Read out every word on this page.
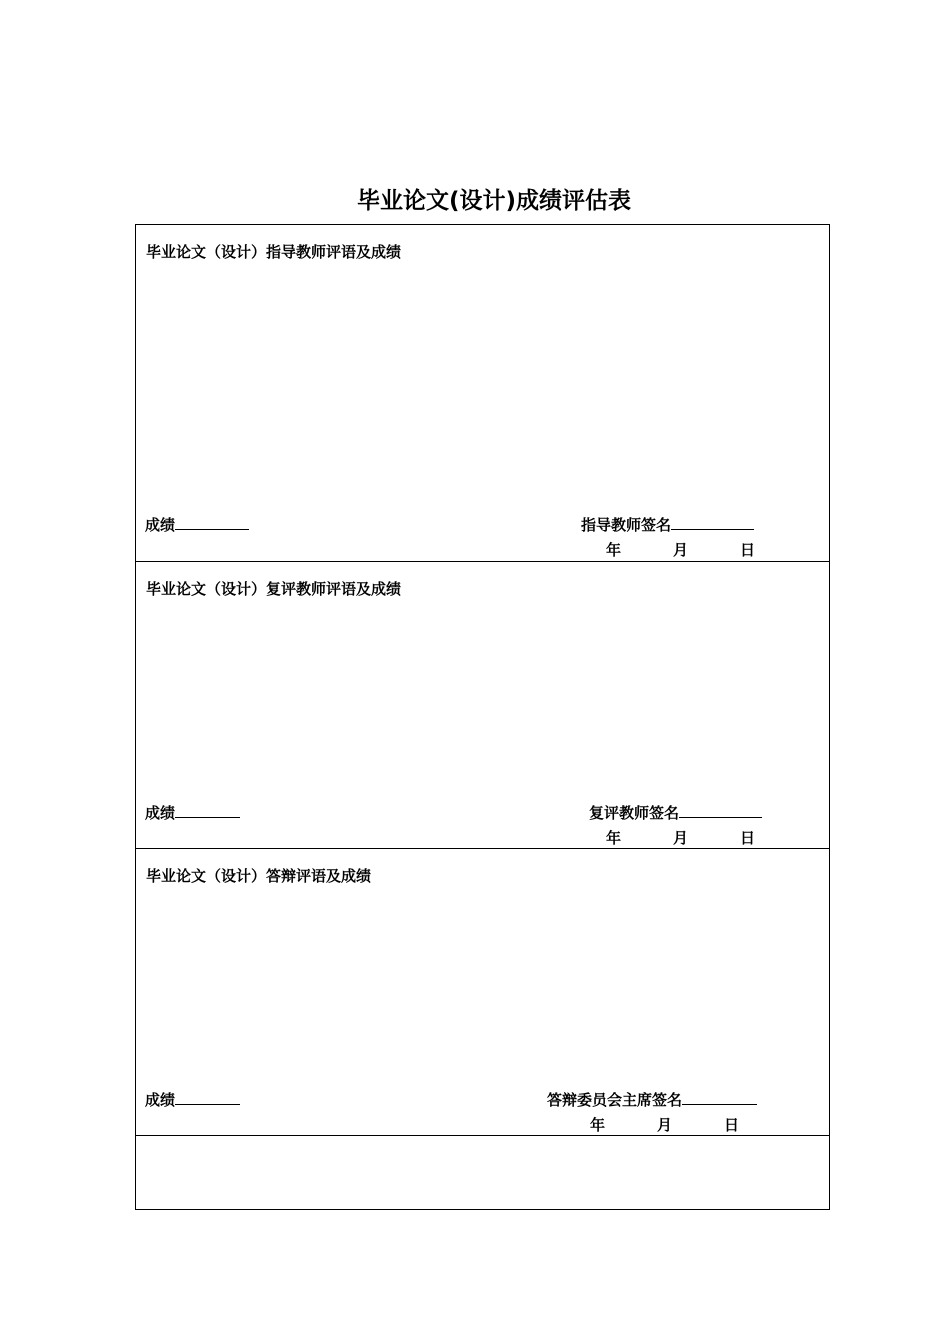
毕业论文(设计)成绩评估表
毕业论文（设计）指导教师评语及成绩
成绩	指导教师签名
年	月	日
毕业论文（设计）复评教师评语及成绩
成绩	复评教师签名
年	月	日
毕业论文（设计）答辩评语及成绩
成绩	答辩委员会主席签名
年	月	日
